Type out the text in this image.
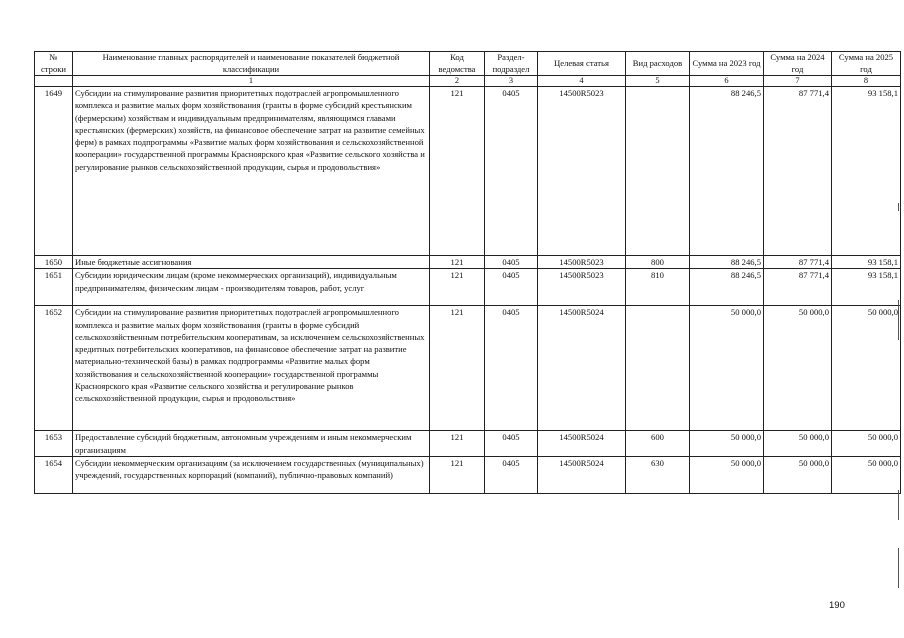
№ строки	Наименование главных распорядителей и наименование показателей бюджетной классификации	Код ведомства	Раздел-подраздел	Целевая статья	Вид расходов	Сумма на 2023 год	Сумма на 2024 год	Сумма на 2025 год
	1	2	3	4	5	6	7	8
1649	Субсидии на стимулирование развития приоритетных подотраслей агропромышленного комплекса и развитие малых форм хозяйствования (гранты в форме субсидий крестьянским (фермерским) хозяйствам и индивидуальным предпринимателям, являющимся главами крестьянских (фермерских) хозяйств, на финансовое обеспечение затрат на развитие семейных ферм) в рамках подпрограммы «Развитие малых форм хозяйствования и сельскохозяйственной кооперации» государственной программы Красноярского края «Развитие сельского хозяйства и регулирование рынков сельскохозяйственной продукции, сырья и продовольствия»	121	0405	14500R5023		88 246,5	87 771,4	93 158,1
1650	Иные бюджетные ассигнования	121	0405	14500R5023	800	88 246,5	87 771,4	93 158,1
1651	Субсидии юридическим лицам (кроме некоммерческих организаций), индивидуальным предпринимателям, физическим лицам - производителям товаров, работ, услуг	121	0405	14500R5023	810	88 246,5	87 771,4	93 158,1
1652	Субсидии на стимулирование развития приоритетных подотраслей агропромышленного комплекса и развитие малых форм хозяйствования (гранты в форме субсидий сельскохозяйственным потребительским кооперативам, за исключением сельскохозяйственных кредитных потребительских кооперативов, на финансовое обеспечение затрат на развитие материально-технической базы) в рамках подпрограммы «Развитие малых форм хозяйствования и сельскохозяйственной кооперации» государственной программы Красноярского края «Развитие сельского хозяйства и регулирование рынков сельскохозяйственной продукции, сырья и продовольствия»	121	0405	14500R5024		50 000,0	50 000,0	50 000,0
1653	Предоставление субсидий бюджетным, автономным учреждениям и иным некоммерческим организациям	121	0405	14500R5024	600	50 000,0	50 000,0	50 000,0
1654	Субсидии некоммерческим организациям (за исключением государственных (муниципальных) учреждений, государственных корпораций (компаний), публично-правовых компаний)	121	0405	14500R5024	630	50 000,0	50 000,0	50 000,0
190
